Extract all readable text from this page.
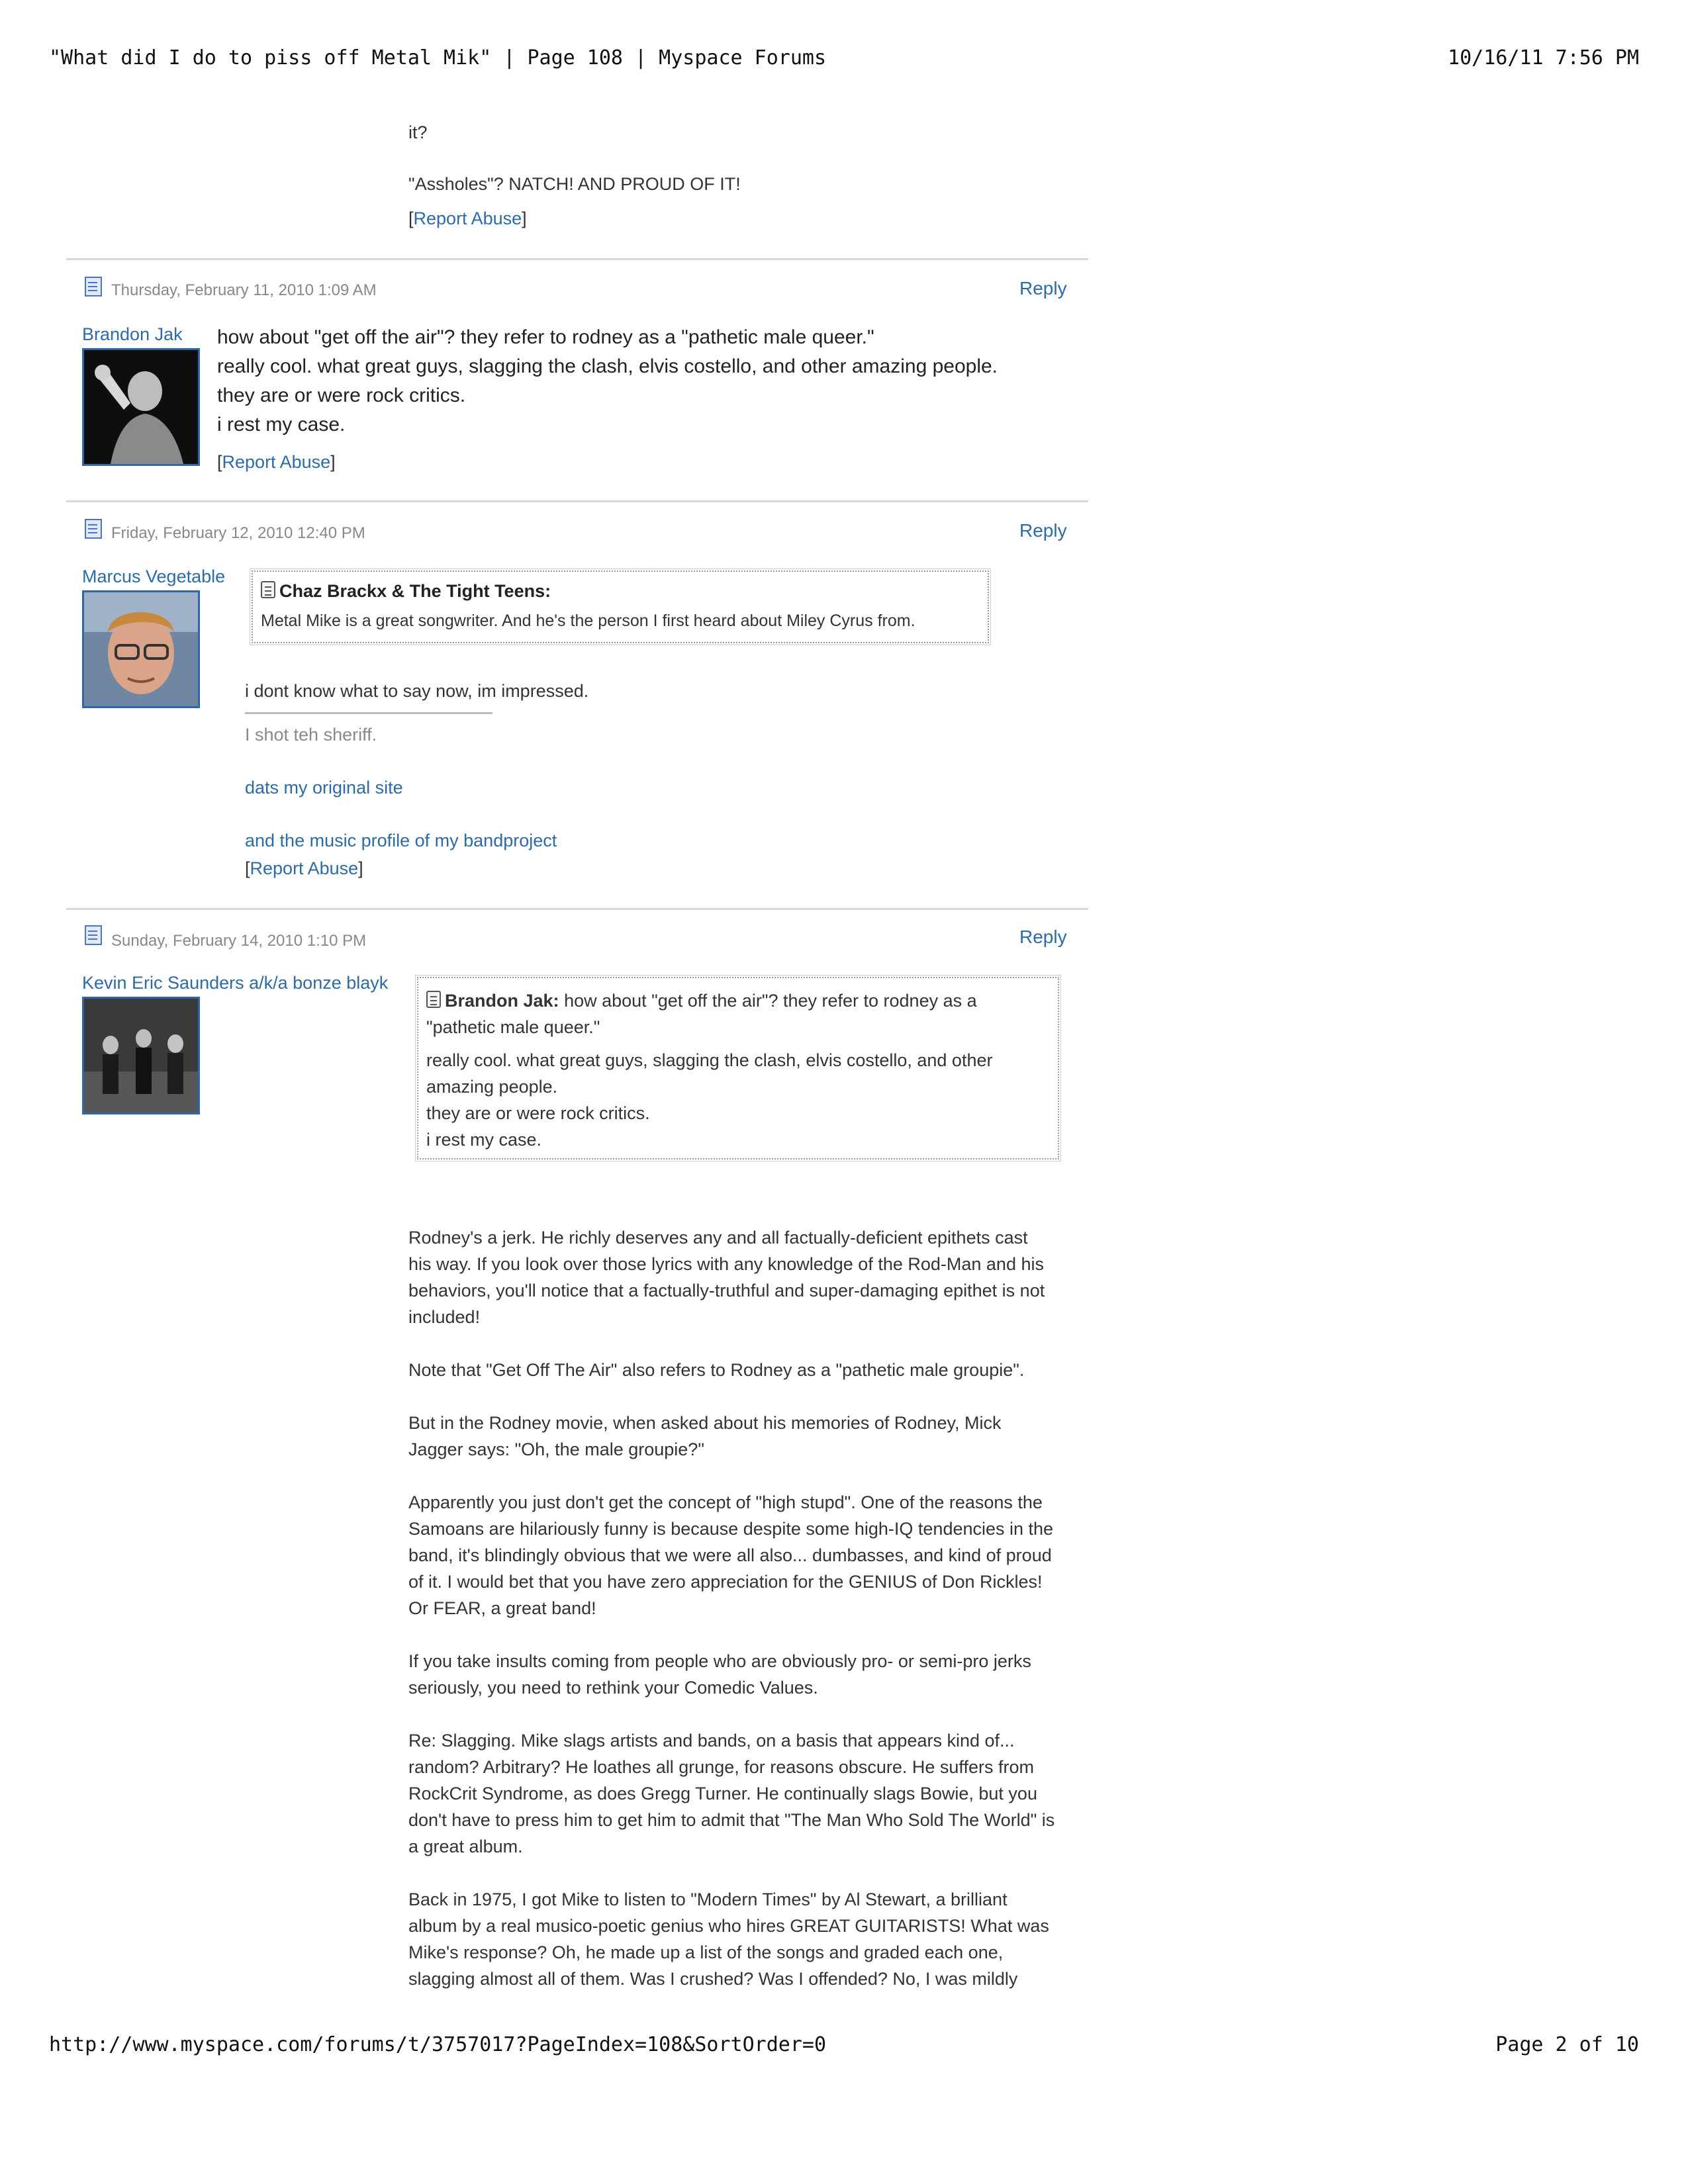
"What did I do to piss off Metal Mik" | Page 108 | Myspace Forums	10/16/11 7:56 PM
it?
"Assholes"? NATCH! AND PROUD OF IT!
[Report Abuse]
Thursday, February 11, 2010 1:09 AM	Reply
Brandon Jak how about "get off the air"? they refer to rodney as a "pathetic male queer."
really cool. what great guys, slagging the clash, elvis costello, and other amazing people.
they are or were rock critics.
i rest my case.
[Report Abuse]
Friday, February 12, 2010 12:40 PM	Reply
Marcus Vegetable
Chaz Brackx & The Tight Teens:
Metal Mike is a great songwriter. And he's the person I first heard about Miley Cyrus from.
i dont know what to say now, im impressed.
I shot teh sheriff.
dats my original site
and the music profile of my bandproject
[Report Abuse]
Sunday, February 14, 2010 1:10 PM	Reply
Kevin Eric Saunders a/k/a bonze blayk
Brandon Jak: how about "get off the air"? they refer to rodney as a
"pathetic male queer."
really cool. what great guys, slagging the clash, elvis costello, and other
amazing people.
they are or were rock critics.
i rest my case.

Rodney's a jerk. He richly deserves any and all factually-deficient epithets cast
his way. If you look over those lyrics with any knowledge of the Rod-Man and his
behaviors, you'll notice that a factually-truthful and super-damaging epithet is not
included!

Note that "Get Off The Air" also refers to Rodney as a "pathetic male groupie".

But in the Rodney movie, when asked about his memories of Rodney, Mick
Jagger says: "Oh, the male groupie?"

Apparently you just don't get the concept of "high stupd". One of the reasons the
Samoans are hilariously funny is because despite some high-IQ tendencies in the
band, it's blindingly obvious that we were all also... dumbasses, and kind of proud
of it. I would bet that you have zero appreciation for the GENIUS of Don Rickles!
Or FEAR, a great band!

If you take insults coming from people who are obviously pro- or semi-pro jerks
seriously, you need to rethink your Comedic Values.

Re: Slagging. Mike slags artists and bands, on a basis that appears kind of...
random? Arbitrary? He loathes all grunge, for reasons obscure. He suffers from
RockCrit Syndrome, as does Gregg Turner. He continually slags Bowie, but you
don't have to press him to get him to admit that "The Man Who Sold The World" is
a great album.

Back in 1975, I got Mike to listen to "Modern Times" by Al Stewart, a brilliant
album by a real musico-poetic genius who hires GREAT GUITARISTS! What was
Mike's response? Oh, he made up a list of the songs and graded each one,
slagging almost all of them. Was I crushed? Was I offended? No, I was mildly

http://www.myspace.com/forums/t/3757017?PageIndex=108&SortOrder=0	Page 2 of 10
